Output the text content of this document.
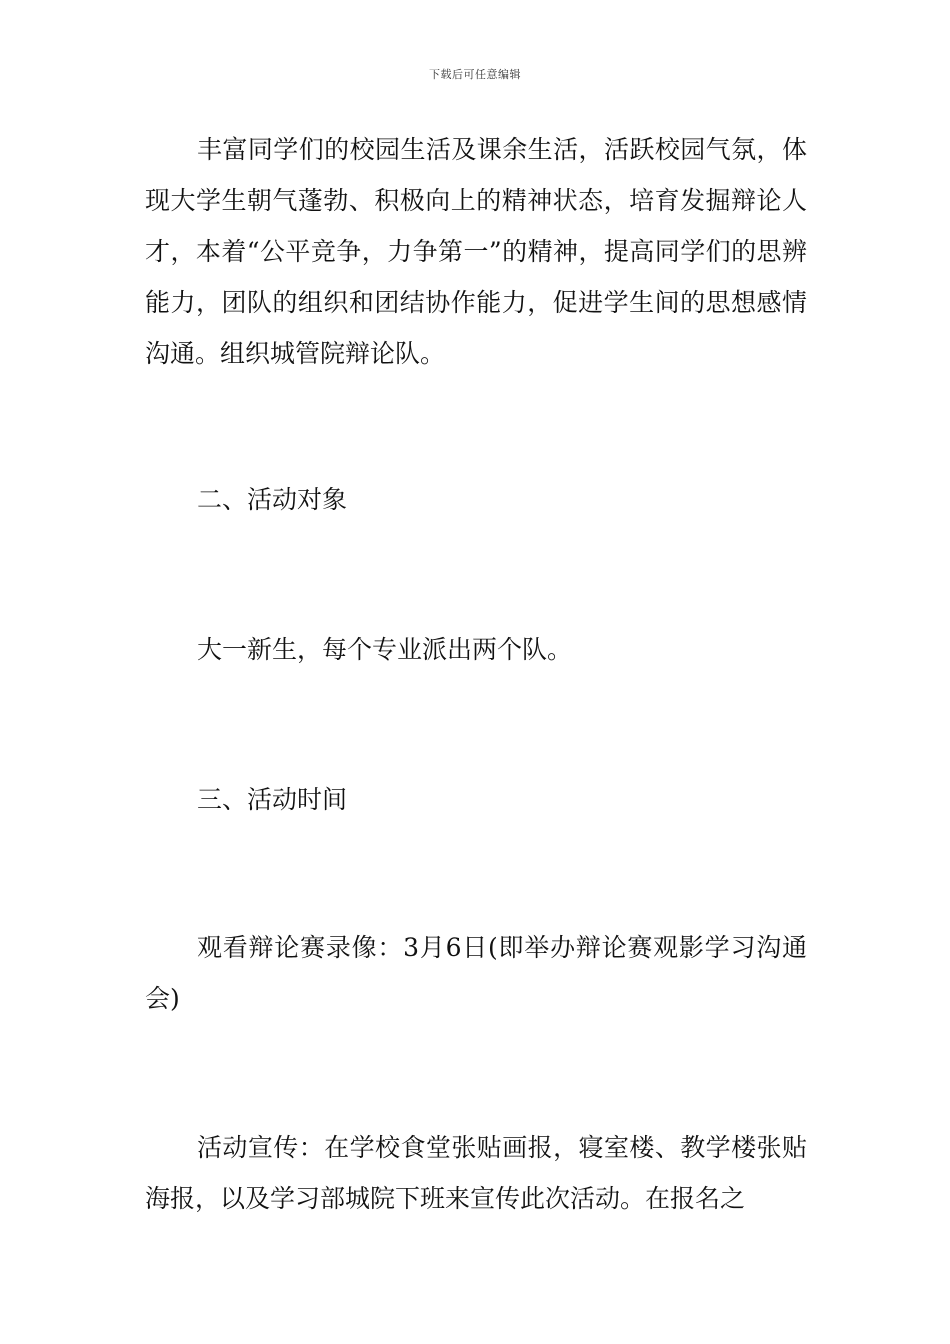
下载后可任意编辑

丰富同学们的校园生活及课余生活，活跃校园气氛，体现大学生朝气蓬勃、积极向上的精神状态，培育发掘辩论人才，本着“公平竞争，力争第一”的精神，提高同学们的思辨能力，团队的组织和团结协作能力，促进学生间的思想感情沟通。组织城管院辩论队。

二、活动对象

大一新生，每个专业派出两个队。

三、活动时间

观看辩论赛录像：3月6日(即举办辩论赛观影学习沟通会)

活动宣传：在学校食堂张贴画报，寝室楼、教学楼张贴海报，以及学习部城院下班来宣传此次活动。在报名之
